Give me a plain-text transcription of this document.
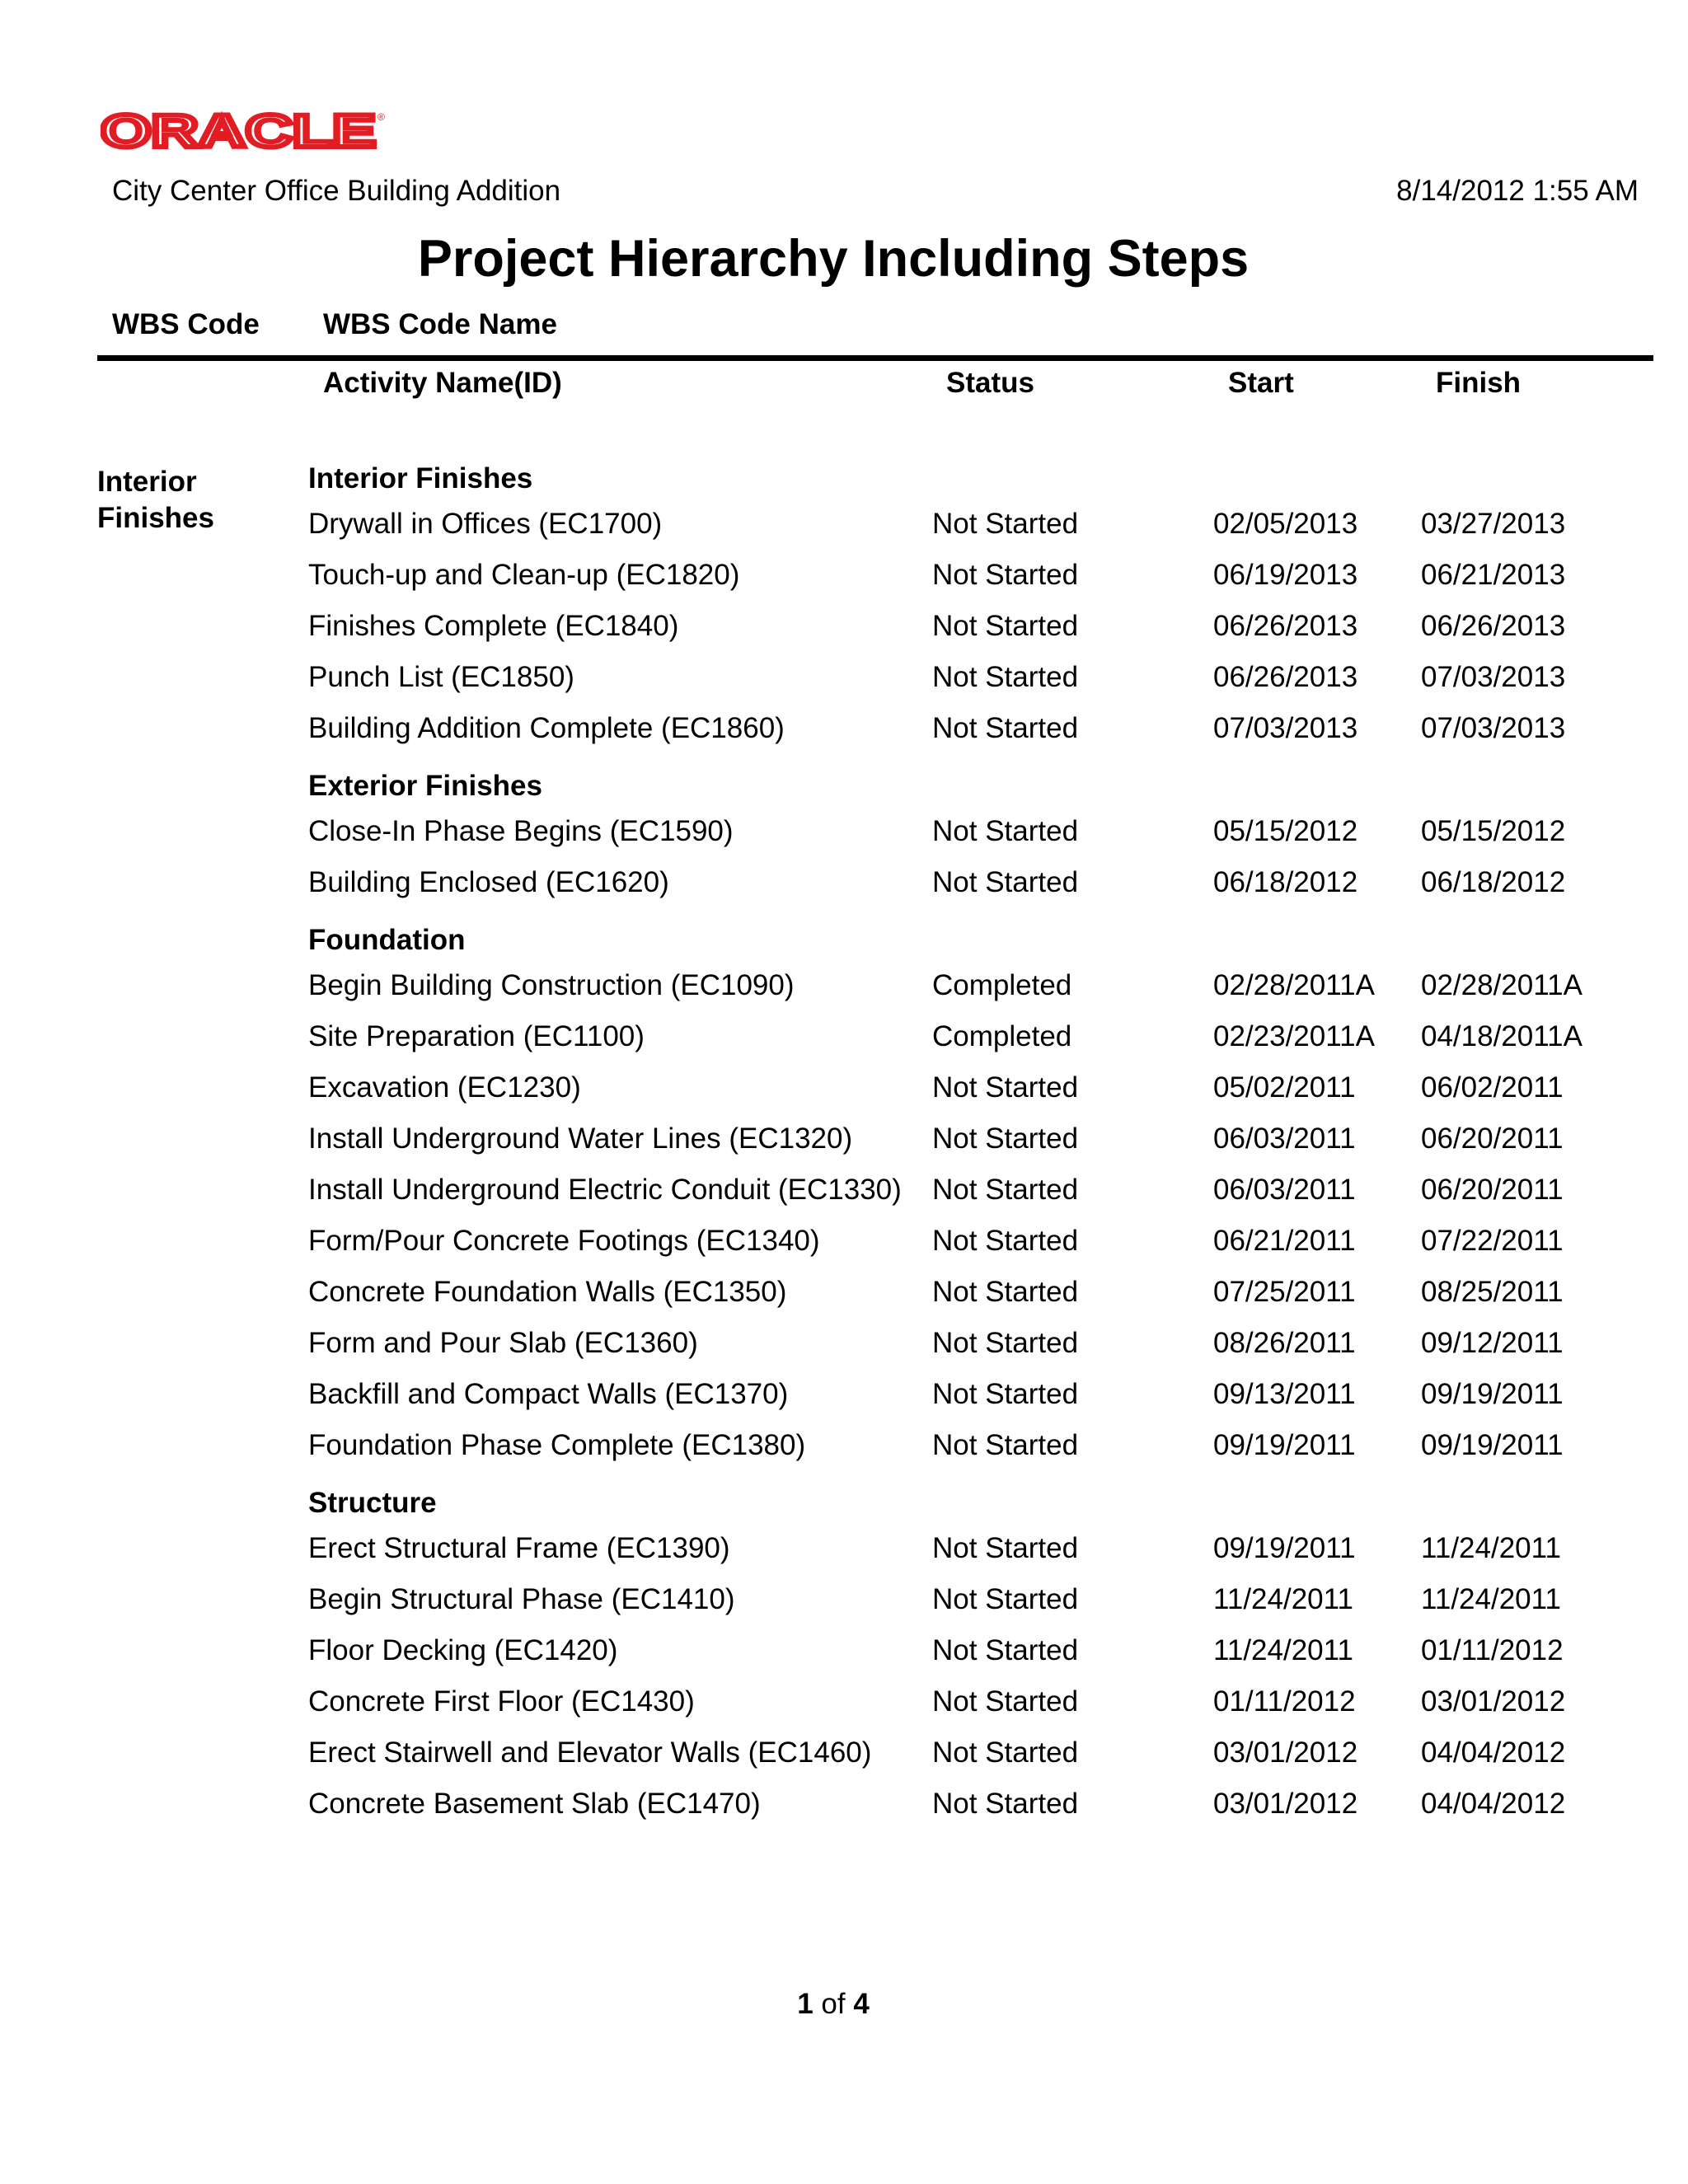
ORACLE ®
City Center Office Building Addition	8/14/2012 1:55 AM
Project Hierarchy Including Steps
WBS Code WBS Code Name
Activity Name(ID)	Status	Start	Finish
Interior Finishes
Interior Finishes
Drywall in Offices (EC1700)	Not Started	02/05/2013	03/27/2013
Touch-up and Clean-up (EC1820)	Not Started	06/19/2013	06/21/2013
Finishes Complete (EC1840)	Not Started	06/26/2013	06/26/2013
Punch List (EC1850)	Not Started	06/26/2013	07/03/2013
Building Addition Complete (EC1860)	Not Started	07/03/2013	07/03/2013
Exterior Finishes
Close-In Phase Begins (EC1590)	Not Started	05/15/2012	05/15/2012
Building Enclosed (EC1620)	Not Started	06/18/2012	06/18/2012
Foundation
Begin Building Construction (EC1090)	Completed	02/28/2011A	02/28/2011A
Site Preparation (EC1100)	Completed	02/23/2011A	04/18/2011A
Excavation (EC1230)	Not Started	05/02/2011	06/02/2011
Install Underground Water Lines (EC1320)	Not Started	06/03/2011	06/20/2011
Install Underground Electric Conduit (EC1330)	Not Started	06/03/2011	06/20/2011
Form/Pour Concrete Footings (EC1340)	Not Started	06/21/2011	07/22/2011
Concrete Foundation Walls (EC1350)	Not Started	07/25/2011	08/25/2011
Form and Pour Slab (EC1360)	Not Started	08/26/2011	09/12/2011
Backfill and Compact Walls (EC1370)	Not Started	09/13/2011	09/19/2011
Foundation Phase Complete (EC1380)	Not Started	09/19/2011	09/19/2011
Structure
Erect Structural Frame (EC1390)	Not Started	09/19/2011	11/24/2011
Begin Structural Phase (EC1410)	Not Started	11/24/2011	11/24/2011
Floor Decking (EC1420)	Not Started	11/24/2011	01/11/2012
Concrete First Floor (EC1430)	Not Started	01/11/2012	03/01/2012
Erect Stairwell and Elevator Walls (EC1460)	Not Started	03/01/2012	04/04/2012
Concrete Basement Slab (EC1470)	Not Started	03/01/2012	04/04/2012
1 of 4
